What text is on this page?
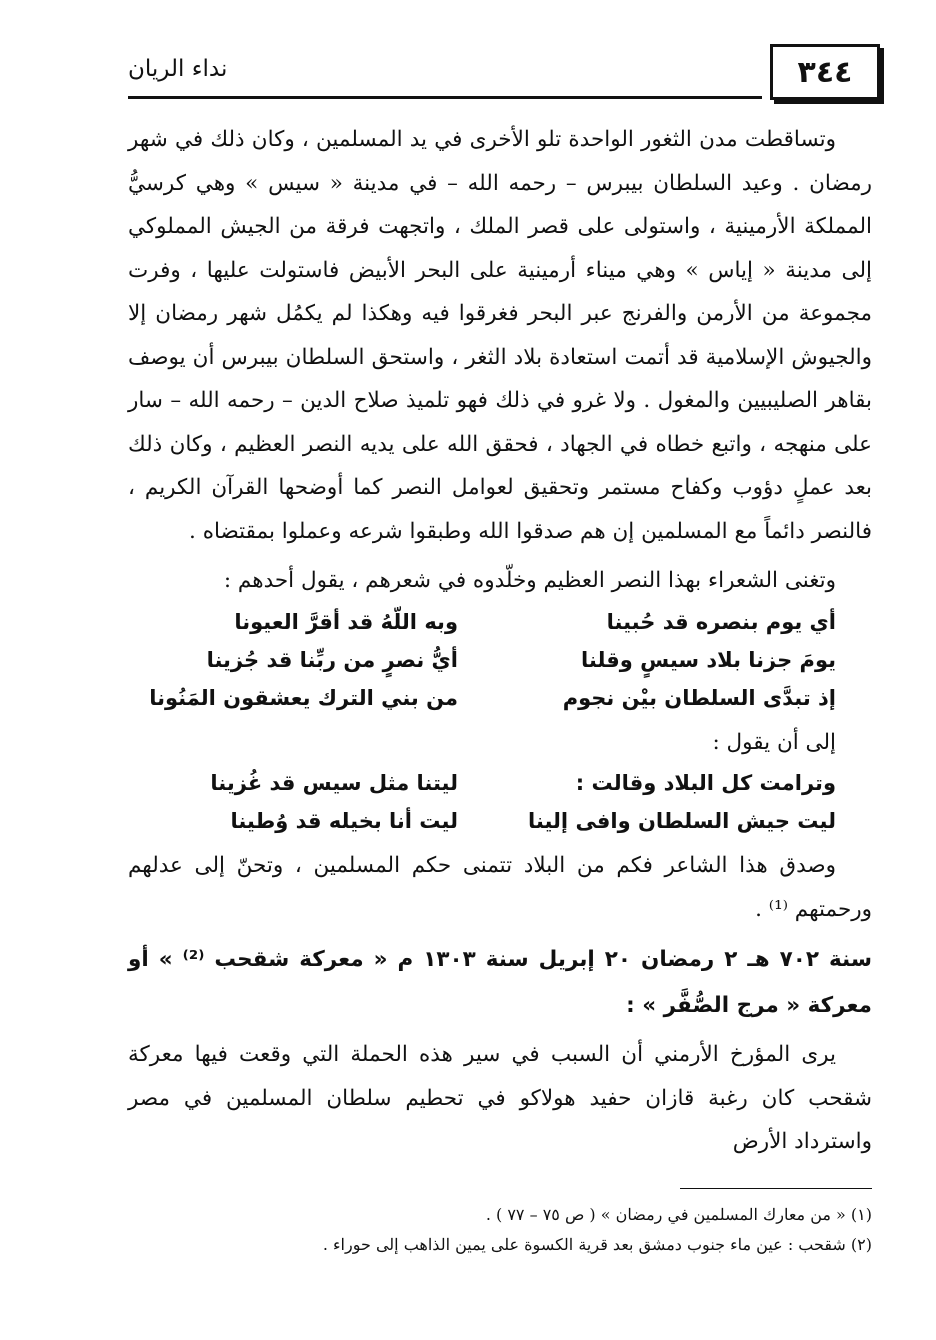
٣٤٤
نداء الريان

وتساقطت مدن الثغور الواحدة تلو الأخرى في يد المسلمين ، وكان ذلك في شهر رمضان . وعيد السلطان بيبرس – رحمه الله – في مدينة « سيس » وهي كرسيُّ المملكة الأرمينية ، واستولى على قصر الملك ، واتجهت فرقة من الجيش المملوكي إلى مدينة « إياس » وهي ميناء أرمينية على البحر الأبيض فاستولت عليها ، وفرت مجموعة من الأرمن والفرنج عبر البحر فغرقوا فيه وهكذا لم يكمُل شهر رمضان إلا والجيوش الإسلامية قد أتمت استعادة بلاد الثغر ، واستحق السلطان بيبرس أن يوصف بقاهر الصليبيين والمغول . ولا غرو في ذلك فهو تلميذ صلاح الدين – رحمه الله – سار على منهجه ، واتبع خطاه في الجهاد ، فحقق الله على يديه النصر العظيم ، وكان ذلك بعد عملٍ دؤوب وكفاح مستمر وتحقيق لعوامل النصر كما أوضحها القرآن الكريم ، فالنصر دائماً مع المسلمين إن هم صدقوا الله وطبقوا شرعه وعملوا بمقتضاه .

وتغنى الشعراء بهذا النصر العظيم وخلّدوه في شعرهم ، يقول أحدهم :

أي يوم بنصره قد حُبينا
وبه اللّهُ قد أقرَّ العيونا
يومَ جزنا بلاد سيسٍ وقلنا
أيُّ نصرٍ من ربِّنا قد جُزينا
إذ تبدَّى السلطان بيْن نجوم
من بني الترك يعشقون المَنُونا

إلى أن يقول :

وترامت كل البلاد وقالت :
ليتنا مثل سيس قد غُزينا
ليت جيش السلطان وافى إلينا
ليت أنا بخيله قد وُطينا

وصدق هذا الشاعر فكم من البلاد تتمنى حكم المسلمين ، وتحنّ إلى عدلهم ورحمتهم ⁽¹⁾ .

سنة ٧٠٢ هـ ٢ رمضان ٢٠ إبريل سنة ١٣٠٣ م « معركة شقحب ⁽²⁾ » أو معركة « مرج الصُّفَّر » :

يرى المؤرخ الأرمني أن السبب في سير هذه الحملة التي وقعت فيها معركة شقحب كان رغبة قازان حفيد هولاكو في تحطيم سلطان المسلمين في مصر واسترداد الأرض

(١) « من معارك المسلمين في رمضان » ( ص ٧٥ – ٧٧ ) .

(٢) شقحب : عين ماء جنوب دمشق بعد قرية الكسوة على يمين الذاهب إلى حوراء .
